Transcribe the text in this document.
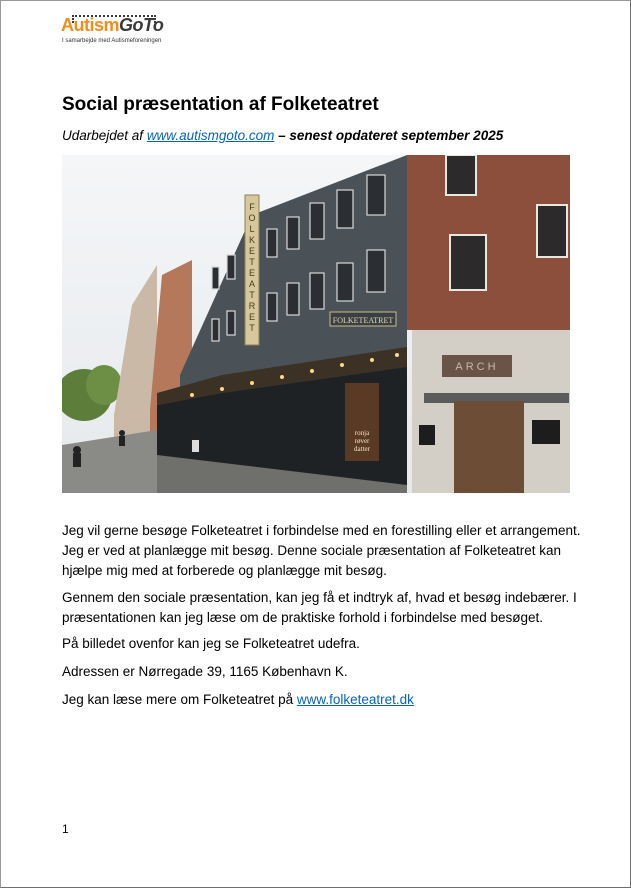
AutismGoTo
I samarbejde med Autismeforeningen
Social præsentation af Folketeatret
Udarbejdet af www.autismgoto.com – senest opdateret september 2025
F O L K E T E A T R E T
FOLKETEATRET
ronja røver datter
ARCH
Jeg vil gerne besøge Folketeatret i forbindelse med en forestilling eller et arrangement. Jeg er ved at planlægge mit besøg. Denne sociale præsentation af Folketeatret kan hjælpe mig med at forberede og planlægge mit besøg.
Gennem den sociale præsentation, kan jeg få et indtryk af, hvad et besøg indebærer. I præsentationen kan jeg læse om de praktiske forhold i forbindelse med besøget.
På billedet ovenfor kan jeg se Folketeatret udefra.
Adressen er Nørregade 39, 1165 København K.
Jeg kan læse mere om Folketeatret på www.folketeatret.dk
1
